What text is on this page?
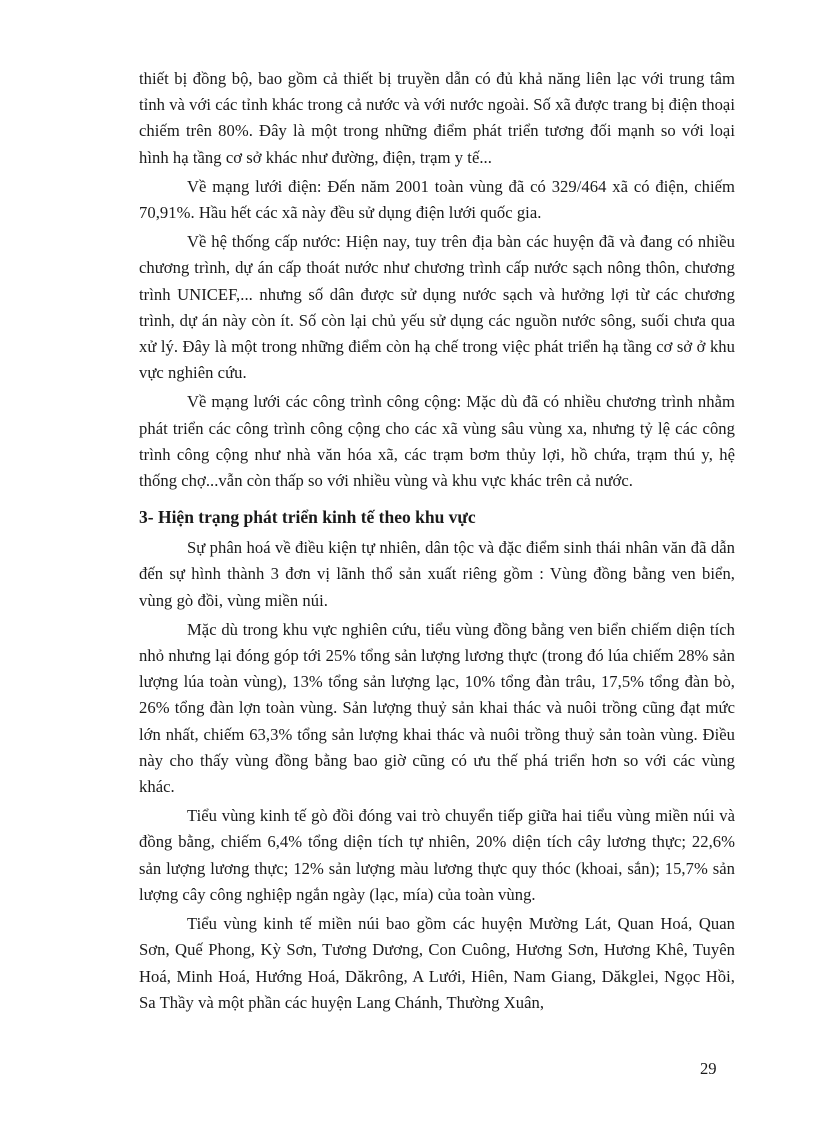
thiết bị đồng bộ, bao gồm cả thiết bị truyền dẫn có đủ khả năng liên lạc với trung tâm tỉnh và với các tỉnh khác trong cả nước và với nước ngoài. Số xã được trang bị điện thoại chiếm trên 80%. Đây là một trong những điểm phát triển tương đối mạnh so với loại hình hạ tầng cơ sở khác như đường, điện, trạm y tế...

Về mạng lưới điện: Đến năm 2001 toàn vùng đã có 329/464 xã có điện, chiếm 70,91%. Hầu hết các xã này đều sử dụng điện lưới quốc gia.

Về hệ thống cấp nước: Hiện nay, tuy trên địa bàn các huyện đã và đang có nhiều chương trình, dự án cấp thoát nước như chương trình cấp nước sạch nông thôn, chương trình UNICEF,... nhưng số dân được sử dụng nước sạch và hưởng lợi từ các chương trình, dự án này còn ít. Số còn lại chủ yếu sử dụng các nguồn nước sông, suối chưa qua xử lý. Đây là một trong những điểm còn hạ chế trong việc phát triển hạ tầng cơ sở ở khu vực nghiên cứu.

Về mạng lưới các công trình công cộng: Mặc dù đã có nhiều chương trình nhằm phát triển các công trình công cộng cho các xã vùng sâu vùng xa, nhưng tỷ lệ các công trình công cộng như nhà văn hóa xã, các trạm bơm thủy lợi, hồ chứa, trạm thú y, hệ thống chợ...vẫn còn thấp so với nhiều vùng và khu vực khác trên cả nước.

3- Hiện trạng phát triển kinh tế theo khu vực

Sự phân hoá về điều kiện tự nhiên, dân tộc và đặc điểm sinh thái nhân văn đã dẫn đến sự hình thành 3 đơn vị lãnh thổ sản xuất riêng gồm : Vùng đồng bằng ven biển, vùng gò đồi, vùng miền núi.

Mặc dù trong khu vực nghiên cứu, tiểu vùng đồng bằng ven biển chiếm diện tích nhỏ nhưng lại đóng góp tới 25% tổng sản lượng lương thực (trong đó lúa chiếm 28% sản lượng lúa toàn vùng), 13% tổng sản lượng lạc, 10% tổng đàn trâu, 17,5% tổng đàn bò, 26% tổng đàn lợn toàn vùng. Sản lượng thuỷ sản khai thác và nuôi trồng cũng đạt mức lớn nhất, chiếm 63,3% tổng sản lượng khai thác và nuôi trồng thuỷ sản toàn vùng. Điều này cho thấy vùng đồng bằng bao giờ cũng có ưu thế phá triển hơn so với các vùng khác.

Tiểu vùng kinh tế gò đồi đóng vai trò chuyển tiếp giữa hai tiểu vùng miền núi và đồng bằng, chiếm 6,4% tổng diện tích tự nhiên, 20% diện tích cây lương thực; 22,6% sản lượng lương thực; 12% sản lượng màu lương thực quy thóc (khoai, sắn); 15,7% sản lượng cây công nghiệp ngắn ngày (lạc, mía) của toàn vùng.

Tiểu vùng kinh tế miền núi bao gồm các huyện Mường Lát, Quan Hoá, Quan Sơn, Quế Phong, Kỳ Sơn, Tương Dương, Con Cuông, Hương Sơn, Hương Khê, Tuyên Hoá, Minh Hoá, Hướng Hoá, Dăkrông, A Lưới, Hiên, Nam Giang, Dăkglei, Ngọc Hồi, Sa Thầy và một phần các huyện Lang Chánh, Thường Xuân,

29
